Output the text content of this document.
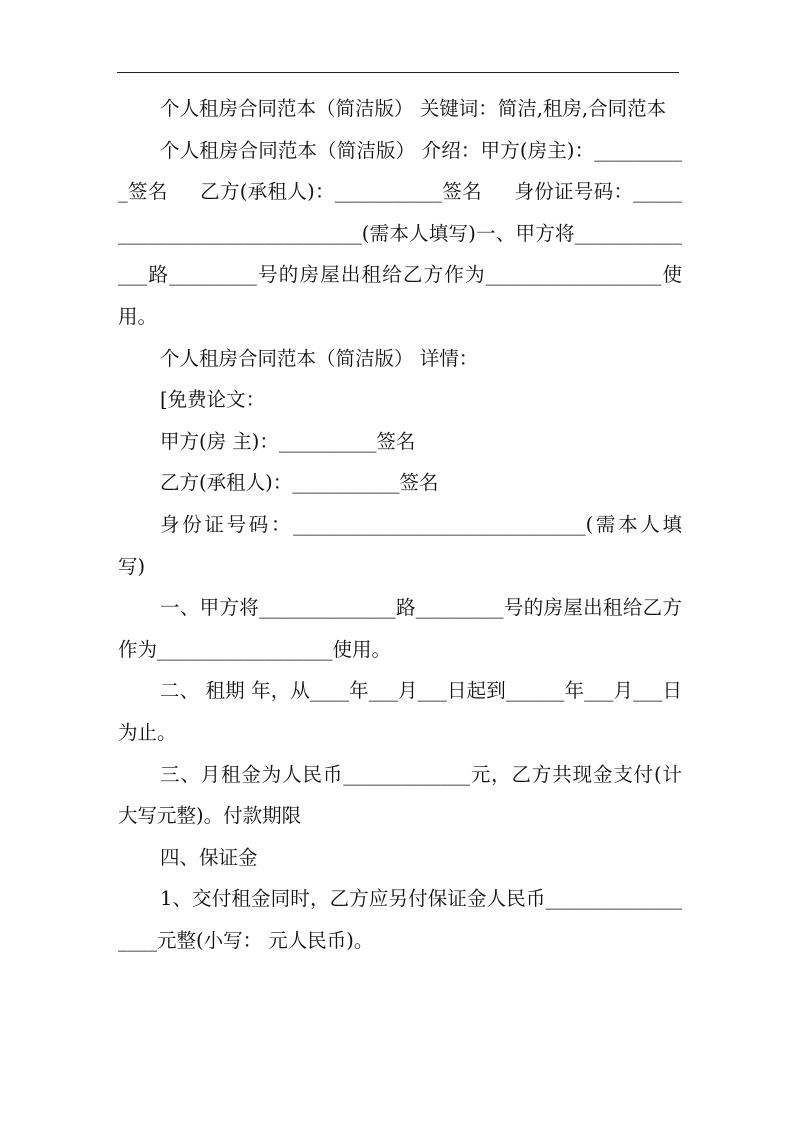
个人租房合同范本（简洁版） 关键词：简洁,租房,合同范本

个人租房合同范本（简洁版） 介绍：甲方(房主)：__________签名     乙方(承租人)：___________签名     身份证号码：______________________________(需本人填写)一、甲方将______________路_________号的房屋出租给乙方作为__________________使用。

个人租房合同范本（简洁版） 详情：

[免费论文：

甲方(房 主)：__________签名

乙方(承租人)：___________签名

身份证号码：______________________________(需本人填写)

一、甲方将______________路_________号的房屋出租给乙方作为__________________使用。

二、 租期 年，从____年___月___日起到______年___月___日为止。

三、月租金为人民币_____________元，乙方共现金支付(计大写元整)。付款期限

四、保证金

1、交付租金同时，乙方应另付保证金人民币__________________元整(小写： 元人民币)。
